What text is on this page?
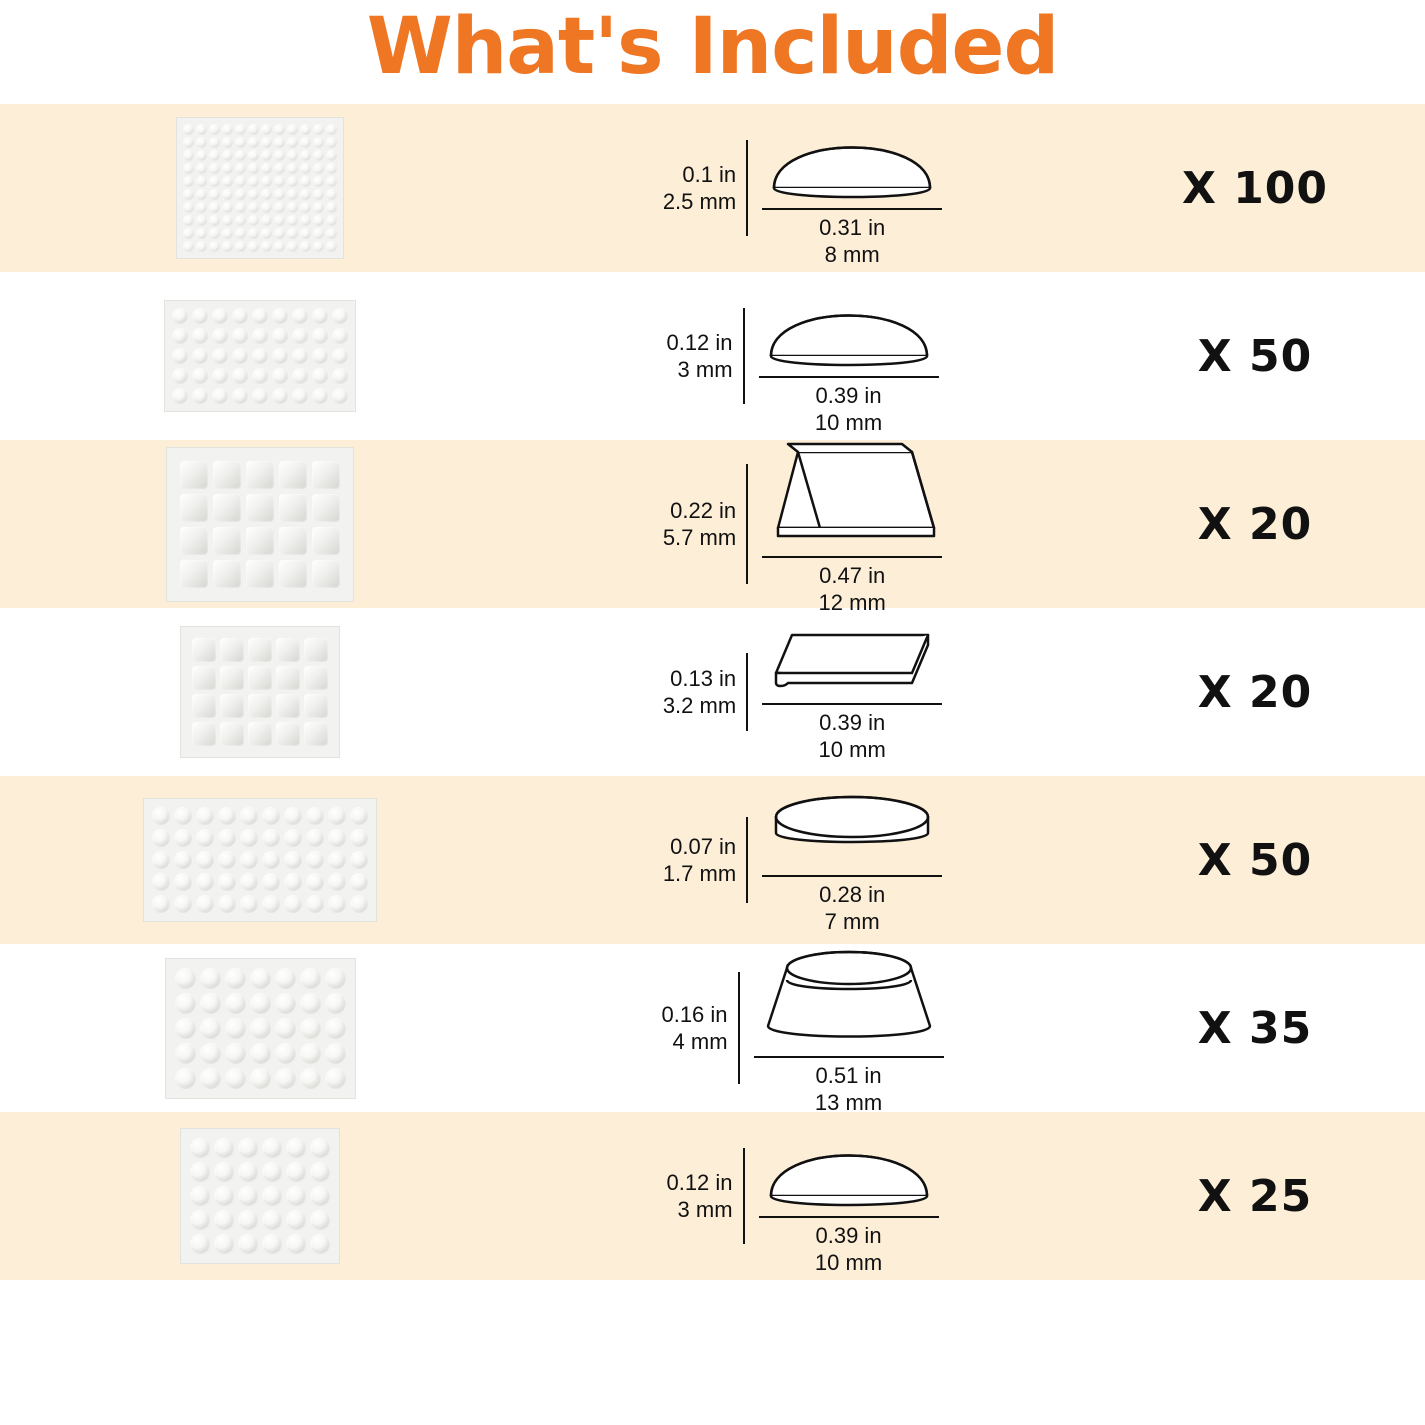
What's Included
0.1 in
2.5 mm
0.31 in
8 mm
X 100
0.12 in
3 mm
0.39 in
10 mm
X 50
0.22 in
5.7 mm
0.47 in
12 mm
X 20
0.13 in
3.2 mm
0.39 in
10 mm
X 20
0.07 in
1.7 mm
0.28 in
7 mm
X 50
0.16 in
4 mm
0.51 in
13 mm
X 35
0.12 in
3 mm
0.39 in
10 mm
X 25
